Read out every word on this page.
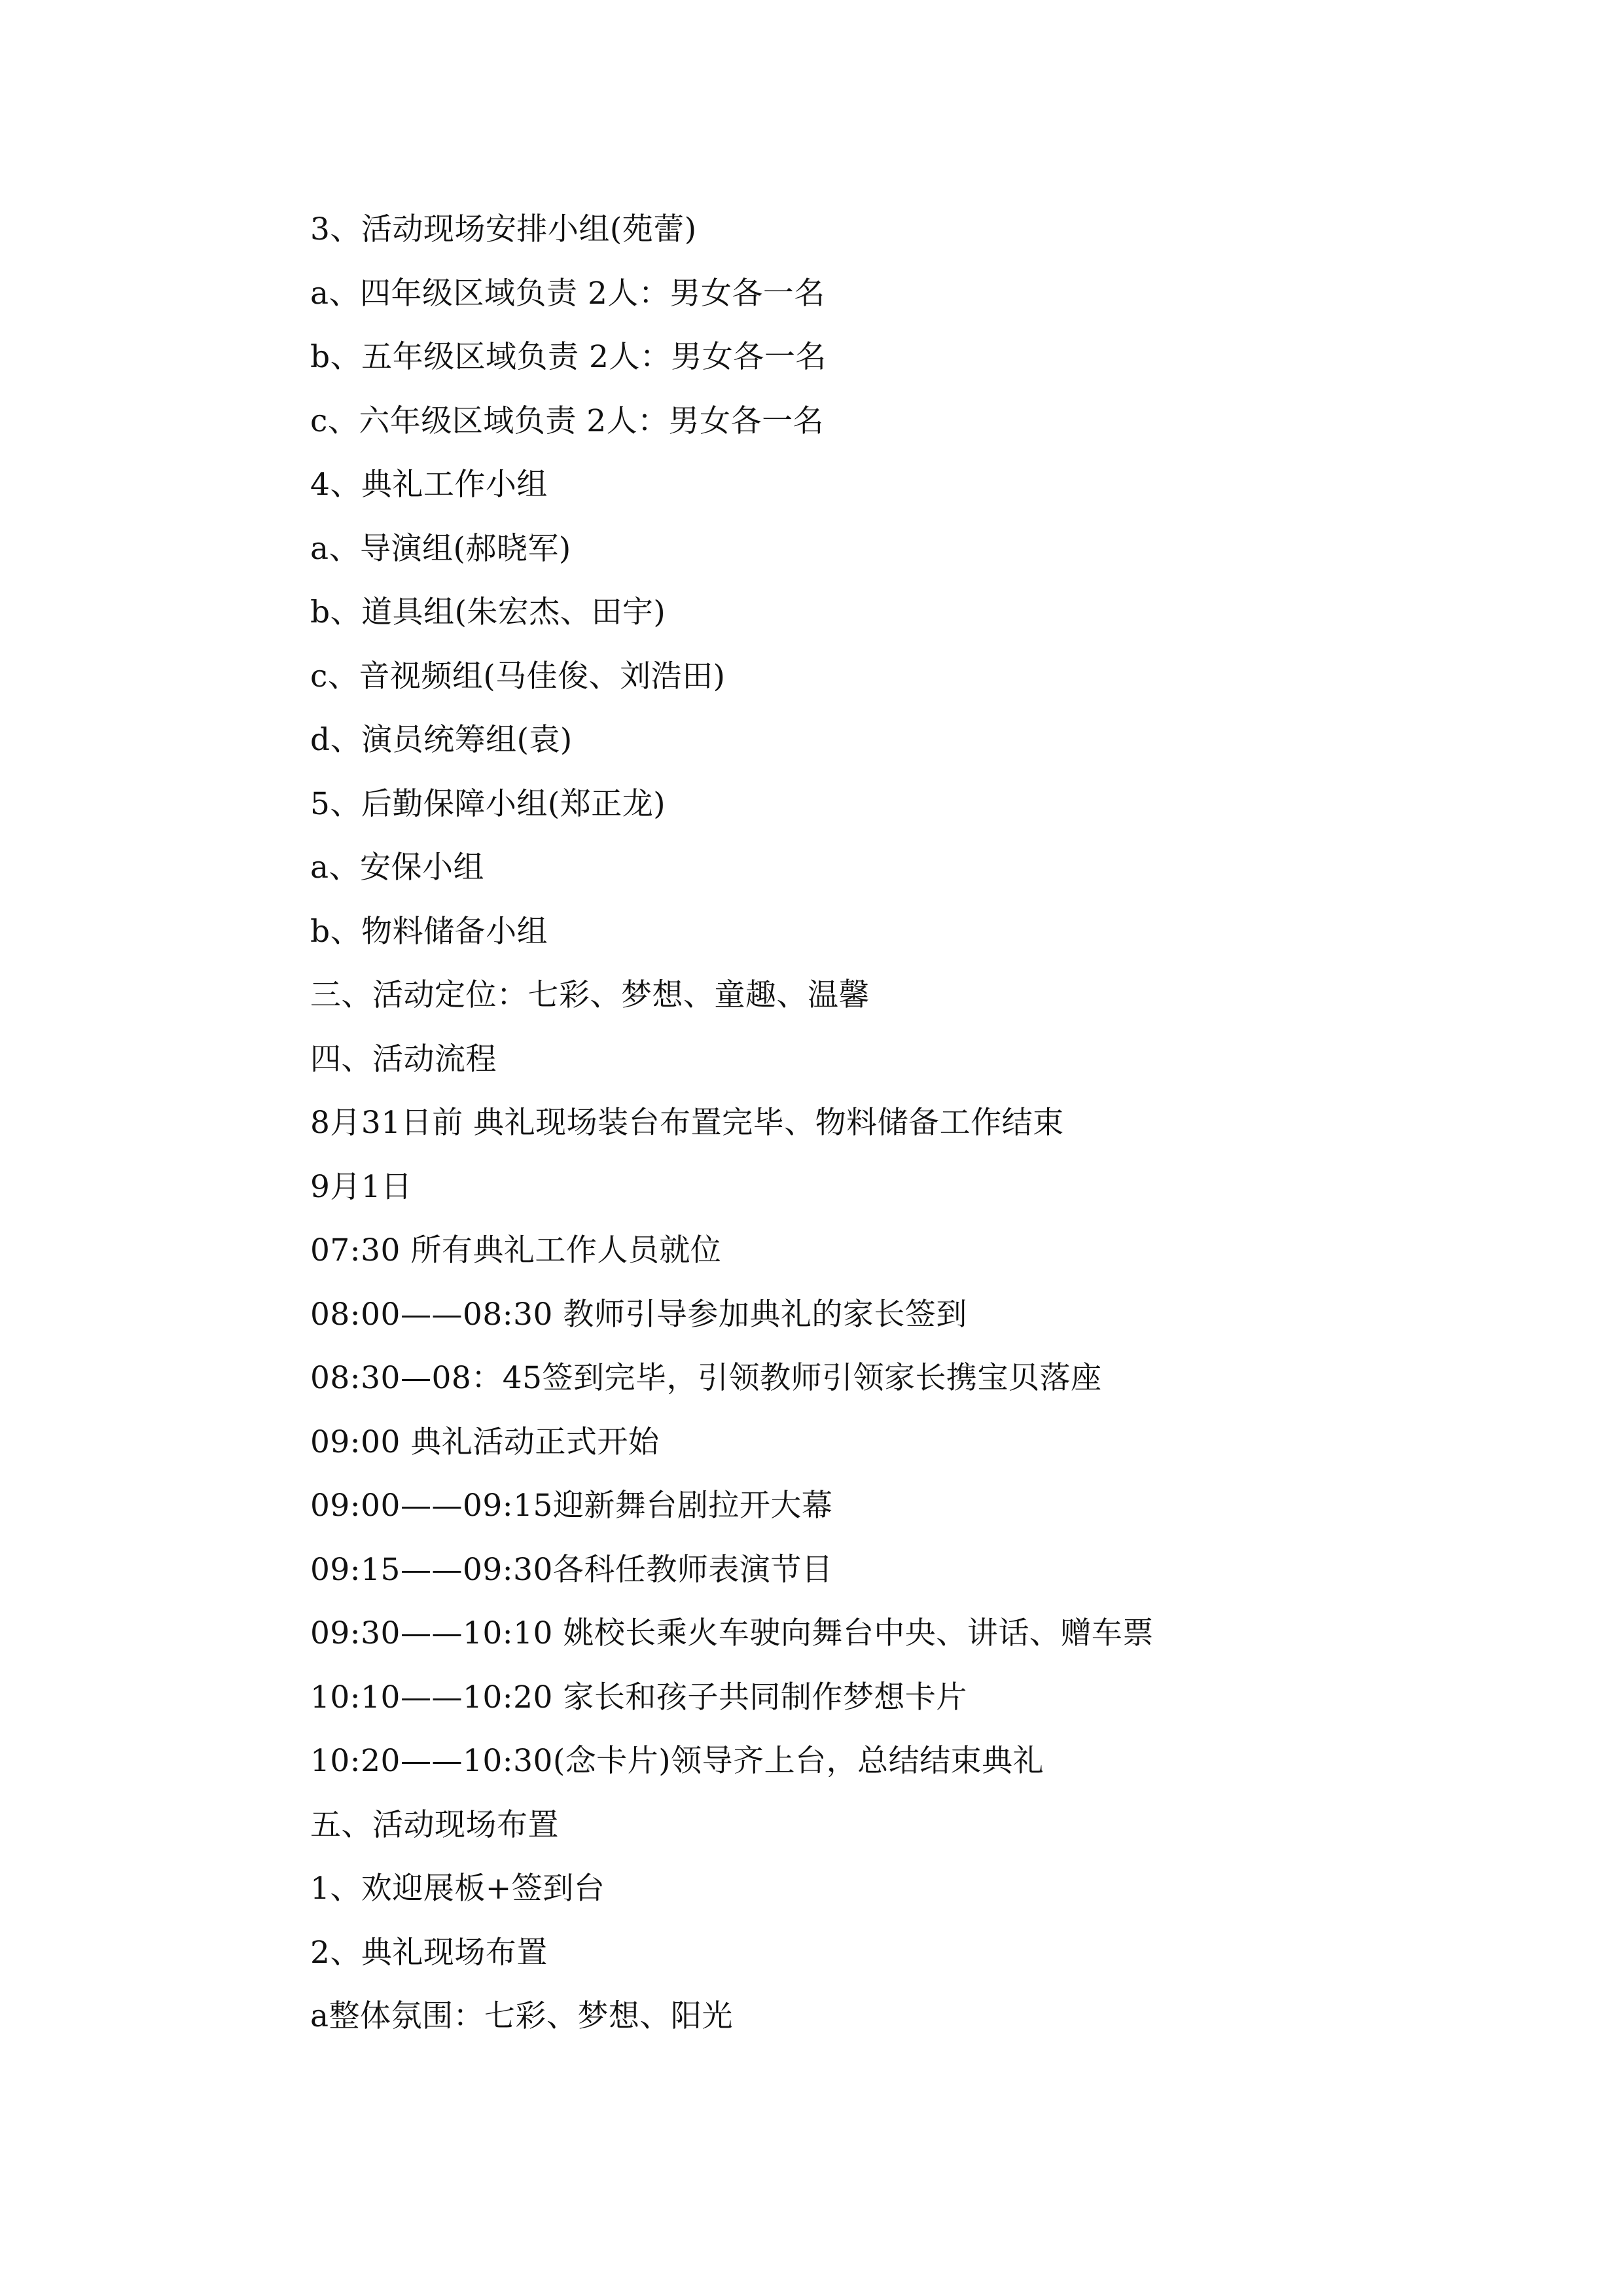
3、活动现场安排小组(苑蕾)
a、四年级区域负责 2人：男女各一名
b、五年级区域负责 2人：男女各一名
c、六年级区域负责 2人：男女各一名
4、典礼工作小组
a、导演组(郝晓军)
b、道具组(朱宏杰、田宇)
c、音视频组(马佳俊、刘浩田)
d、演员统筹组(袁)
5、后勤保障小组(郑正龙)
a、安保小组
b、物料储备小组
三、活动定位：七彩、梦想、童趣、温馨
四、活动流程
8月31日前 典礼现场装台布置完毕、物料储备工作结束
9月1日
07:30 所有典礼工作人员就位
08:00——08:30 教师引导参加典礼的家长签到
08:30—08：45签到完毕，引领教师引领家长携宝贝落座
09:00 典礼活动正式开始
09:00——09:15迎新舞台剧拉开大幕
09:15——09:30各科任教师表演节目
09:30——10:10 姚校长乘火车驶向舞台中央、讲话、赠车票
10:10——10:20 家长和孩子共同制作梦想卡片
10:20——10:30(念卡片)领导齐上台，总结结束典礼
五、活动现场布置
1、欢迎展板+签到台
2、典礼现场布置
a整体氛围：七彩、梦想、阳光
